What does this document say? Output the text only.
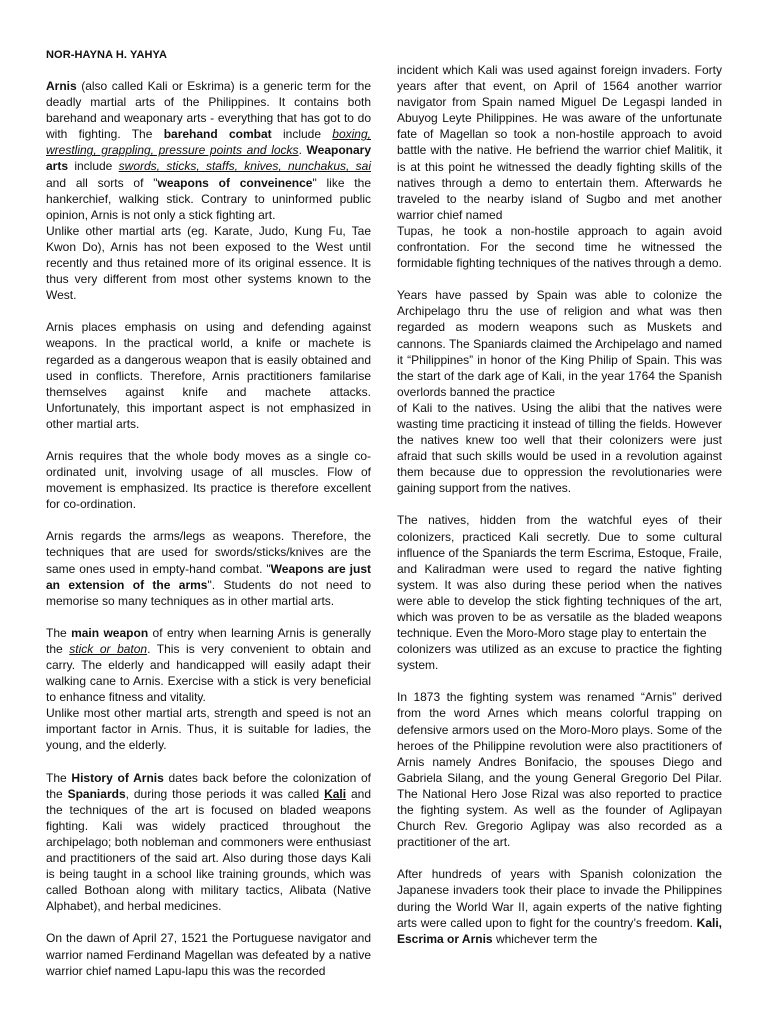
NOR-HAYNA H. YAHYA

Arnis (also called Kali or Eskrima) is a generic term for the deadly martial arts of the Philippines. It contains both barehand and weaponary arts - everything that has got to do with fighting. The barehand combat include boxing, wrestling, grappling, pressure points and locks. Weaponary arts include swords, sticks, staffs, knives, nunchakus, sai and all sorts of "weapons of conveinence" like the hankerchief, walking stick. Contrary to uninformed public opinion, Arnis is not only a stick fighting art.

Unlike other martial arts (eg. Karate, Judo, Kung Fu, Tae Kwon Do), Arnis has not been exposed to the West until recently and thus retained more of its original essence. It is thus very different from most other systems known to the West.

Arnis places emphasis on using and defending against weapons. In the practical world, a knife or machete is regarded as a dangerous weapon that is easily obtained and used in conflicts. Therefore, Arnis practitioners familarise themselves against knife and machete attacks. Unfortunately, this important aspect is not emphasized in other martial arts.

Arnis requires that the whole body moves as a single co-ordinated unit, involving usage of all muscles. Flow of movement is emphasized. Its practice is therefore excellent for co-ordination.

Arnis regards the arms/legs as weapons. Therefore, the techniques that are used for swords/sticks/knives are the same ones used in empty-hand combat. "Weapons are just an extension of the arms". Students do not need to memorise so many techniques as in other martial arts.

The main weapon of entry when learning Arnis is generally the stick or baton. This is very convenient to obtain and carry. The elderly and handicapped will easily adapt their walking cane to Arnis. Exercise with a stick is very beneficial to enhance fitness and vitality.

Unlike most other martial arts, strength and speed is not an important factor in Arnis. Thus, it is suitable for ladies, the young, and the elderly.

The History of Arnis dates back before the colonization of the Spaniards, during those periods it was called Kali and the techniques of the art is focused on bladed weapons fighting. Kali was widely practiced throughout the archipelago; both nobleman and commoners were enthusiast and practitioners of the said art. Also during those days Kali is being taught in a school like training grounds, which was called Bothoan along with military tactics, Alibata (Native Alphabet), and herbal medicines.

On the dawn of April 27, 1521 the Portuguese navigator and warrior named Ferdinand Magellan was defeated by a native warrior chief named Lapu-lapu this was the recorded

incident which Kali was used against foreign invaders. Forty years after that event, on April of 1564 another warrior navigator from Spain named Miguel De Legaspi landed in Abuyog Leyte Philippines. He was aware of the unfortunate fate of Magellan so took a non-hostile approach to avoid battle with the native. He befriend the warrior chief Malitik, it is at this point he witnessed the deadly fighting skills of the natives through a demo to entertain them. Afterwards he traveled to the nearby island of Sugbo and met another warrior chief named

Tupas, he took a non-hostile approach to again avoid confrontation. For the second time he witnessed the formidable fighting techniques of the natives through a demo.

Years have passed by Spain was able to colonize the Archipelago thru the use of religion and what was then regarded as modern weapons such as Muskets and cannons. The Spaniards claimed the Archipelago and named it “Philippines” in honor of the King Philip of Spain. This was the start of the dark age of Kali, in the year 1764 the Spanish overlords banned the practice

of Kali to the natives. Using the alibi that the natives were wasting time practicing it instead of tilling the fields. However the natives knew too well that their colonizers were just afraid that such skills would be used in a revolution against them because due to oppression the revolutionaries were gaining support from the natives.

The natives, hidden from the watchful eyes of their colonizers, practiced Kali secretly. Due to some cultural influence of the Spaniards the term Escrima, Estoque, Fraile, and Kaliradman were used to regard the native fighting system. It was also during these period when the natives were able to develop the stick fighting techniques of the art, which was proven to be as versatile as the bladed weapons technique. Even the Moro-Moro stage play to entertain the

colonizers was utilized as an excuse to practice the fighting system.

In 1873 the fighting system was renamed “Arnis” derived from the word Arnes which means colorful trapping on defensive armors used on the Moro-Moro plays. Some of the heroes of the Philippine revolution were also practitioners of Arnis namely Andres Bonifacio, the spouses Diego and Gabriela Silang, and the young General Gregorio Del Pilar. The National Hero Jose Rizal was also reported to practice the fighting system. As well as the founder of Aglipayan Church Rev. Gregorio Aglipay was also recorded as a practitioner of the art.

After hundreds of years with Spanish colonization the Japanese invaders took their place to invade the Philippines during the World War II, again experts of the native fighting arts were called upon to fight for the country’s freedom. Kali, Escrima or Arnis whichever term the
